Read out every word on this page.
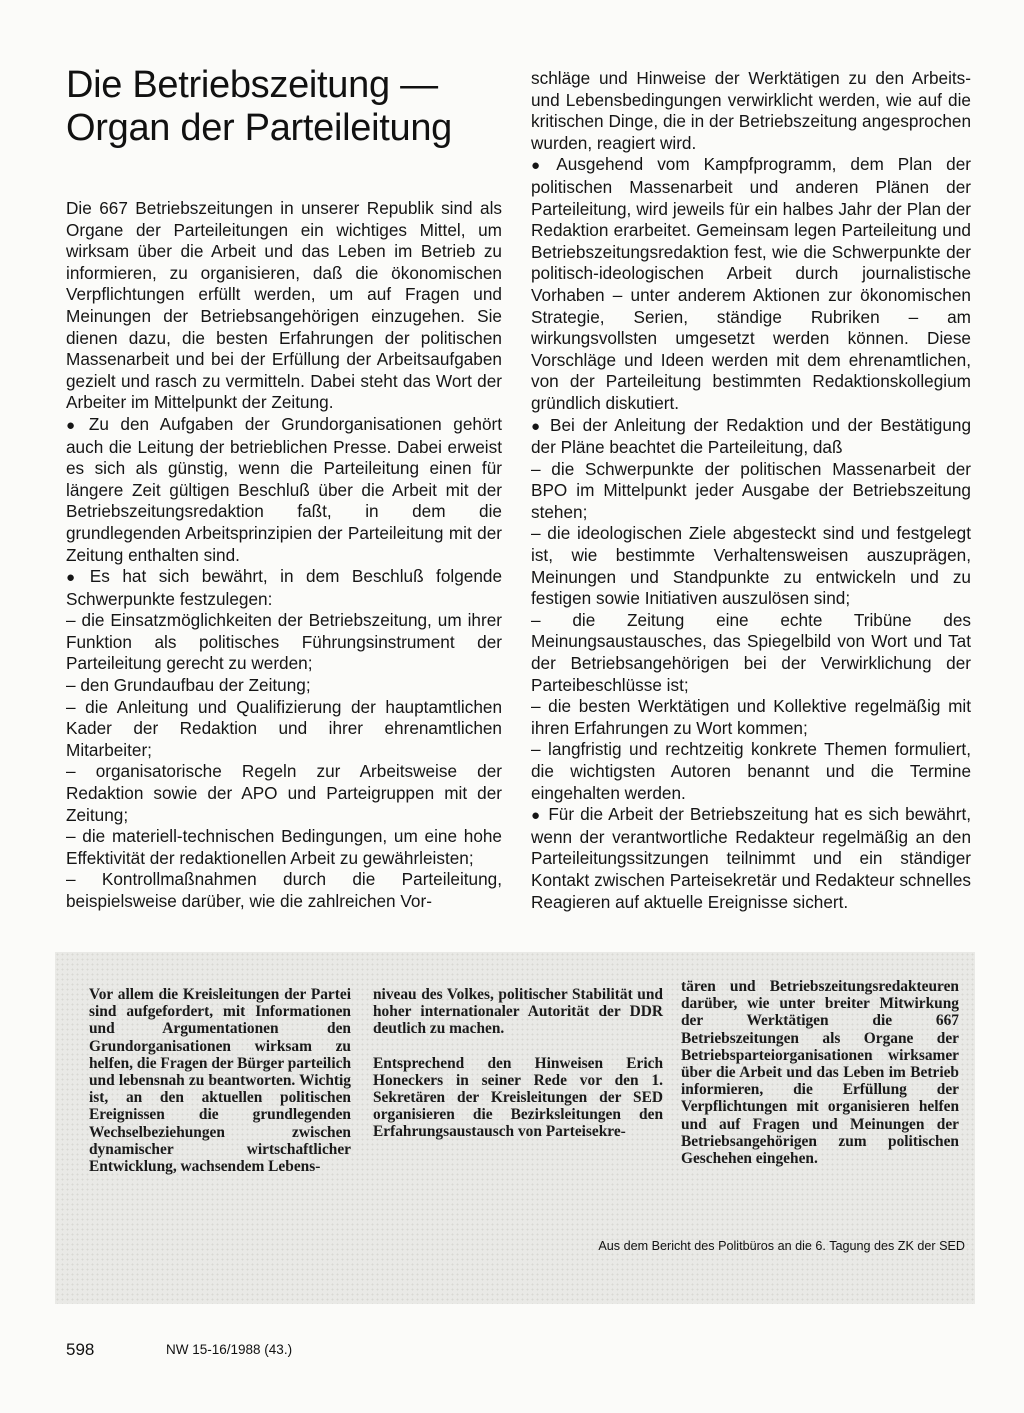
Die Betriebszeitung —
Organ der Parteileitung
Die 667 Betriebszeitungen in unserer Republik sind als Organe der Parteileitungen ein wichtiges Mittel, um wirksam über die Arbeit und das Leben im Betrieb zu informieren, zu organisieren, daß die ökonomischen Verpflichtungen erfüllt werden, um auf Fragen und Meinungen der Betriebsangehörigen einzugehen. Sie dienen dazu, die besten Erfahrungen der politischen Massenarbeit und bei der Erfüllung der Arbeitsaufgaben gezielt und rasch zu vermitteln. Dabei steht das Wort der Arbeiter im Mittelpunkt der Zeitung.
● Zu den Aufgaben der Grundorganisationen gehört auch die Leitung der betrieblichen Presse. Dabei erweist es sich als günstig, wenn die Parteileitung einen für längere Zeit gültigen Beschluß über die Arbeit mit der Betriebszeitungsredaktion faßt, in dem die grundlegenden Arbeitsprinzipien der Parteileitung mit der Zeitung enthalten sind.
● Es hat sich bewährt, in dem Beschluß folgende Schwerpunkte festzulegen:
– die Einsatzmöglichkeiten der Betriebszeitung, um ihrer Funktion als politisches Führungsinstrument der Parteileitung gerecht zu werden;
– den Grundaufbau der Zeitung;
– die Anleitung und Qualifizierung der hauptamtlichen Kader der Redaktion und ihrer ehrenamtlichen Mitarbeiter;
– organisatorische Regeln zur Arbeitsweise der Redaktion sowie der APO und Parteigruppen mit der Zeitung;
– die materiell-technischen Bedingungen, um eine hohe Effektivität der redaktionellen Arbeit zu gewährleisten;
– Kontrollmaßnahmen durch die Parteileitung, beispielsweise darüber, wie die zahlreichen Vor-
schläge und Hinweise der Werktätigen zu den Arbeits- und Lebensbedingungen verwirklicht werden, wie auf die kritischen Dinge, die in der Betriebszeitung angesprochen wurden, reagiert wird.
● Ausgehend vom Kampfprogramm, dem Plan der politischen Massenarbeit und anderen Plänen der Parteileitung, wird jeweils für ein halbes Jahr der Plan der Redaktion erarbeitet. Gemeinsam legen Parteileitung und Betriebszeitungsredaktion fest, wie die Schwerpunkte der politisch-ideologischen Arbeit durch journalistische Vorhaben – unter anderem Aktionen zur ökonomischen Strategie, Serien, ständige Rubriken – am wirkungsvollsten umgesetzt werden können. Diese Vorschläge und Ideen werden mit dem ehrenamtlichen, von der Parteileitung bestimmten Redaktionskollegium gründlich diskutiert.
● Bei der Anleitung der Redaktion und der Bestätigung der Pläne beachtet die Parteileitung, daß
– die Schwerpunkte der politischen Massenarbeit der BPO im Mittelpunkt jeder Ausgabe der Betriebszeitung stehen;
– die ideologischen Ziele abgesteckt sind und festgelegt ist, wie bestimmte Verhaltensweisen auszuprägen, Meinungen und Standpunkte zu entwickeln und zu festigen sowie Initiativen auszulösen sind;
– die Zeitung eine echte Tribüne des Meinungsaustausches, das Spiegelbild von Wort und Tat der Betriebsangehörigen bei der Verwirklichung der Parteibeschlüsse ist;
– die besten Werktätigen und Kollektive regelmäßig mit ihren Erfahrungen zu Wort kommen;
– langfristig und rechtzeitig konkrete Themen formuliert, die wichtigsten Autoren benannt und die Termine eingehalten werden.
● Für die Arbeit der Betriebszeitung hat es sich bewährt, wenn der verantwortliche Redakteur regelmäßig an den Parteileitungssitzungen teilnimmt und ein ständiger Kontakt zwischen Parteisekretär und Redakteur schnelles Reagieren auf aktuelle Ereignisse sichert.
Vor allem die Kreisleitungen der Partei sind aufgefordert, mit Informationen und Argumentationen den Grundorganisationen wirksam zu helfen, die Fragen der Bürger parteilich und lebensnah zu beantworten. Wichtig ist, an den aktuellen politischen Ereignissen die grundlegenden Wechselbeziehungen zwischen dynamischer wirtschaftlicher Entwicklung, wachsendem Lebens-
niveau des Volkes, politischer Stabilität und hoher internationaler Autorität der DDR deutlich zu machen.
Entsprechend den Hinweisen Erich Honeckers in seiner Rede vor den 1. Sekretären der Kreisleitungen der SED organisieren die Bezirksleitungen den Erfahrungsaustausch von Parteisekre-
tären und Betriebszeitungsredakteuren darüber, wie unter breiter Mitwirkung der Werktätigen die 667 Betriebszeitungen als Organe der Betriebsparteiorganisationen wirksamer über die Arbeit und das Leben im Betrieb informieren, die Erfüllung der Verpflichtungen mit organisieren helfen und auf Fragen und Meinungen der Betriebsangehörigen zum politischen Geschehen eingehen.
Aus dem Bericht des Politbüros an die 6. Tagung des ZK der SED
598	NW 15-16/1988 (43.)
